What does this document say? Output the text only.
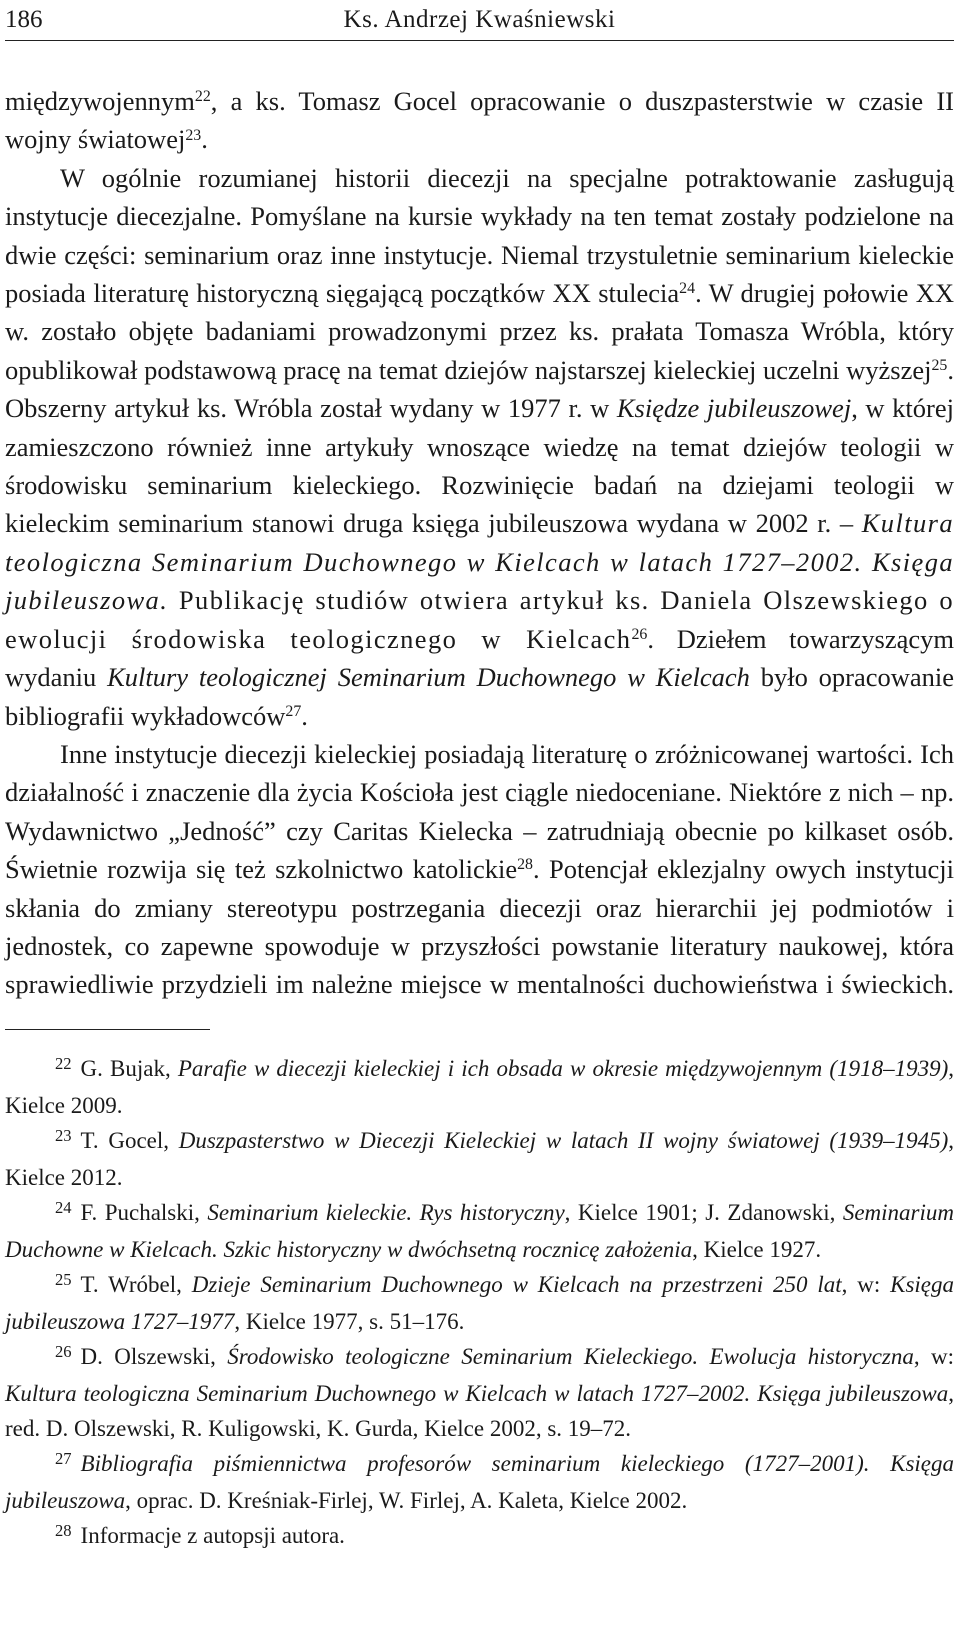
186	Ks. Andrzej Kwaśniewski

międzywojennym$^{22}$, a ks. Tomasz Gocel opracowanie o duszpasterstwie w czasie II wojny światowej$^{23}$.

W ogólnie rozumianej historii diecezji na specjalne potraktowanie zasługują instytucje diecezjalne. Pomyślane na kursie wykłady na ten temat zostały podzielone na dwie części: seminarium oraz inne instytucje. Niemal trzystuletnie seminarium kieleckie posiada literaturę historyczną sięgającą początków XX stulecia$^{24}$. W drugiej połowie XX w. zostało objęte badaniami prowadzonymi przez ks. prałata Tomasza Wróbla, który opublikował podstawową pracę na temat dziejów najstarszej kieleckiej uczelni wyższej$^{25}$. Obszerny artykuł ks. Wróbla został wydany w 1977 r. w Księdze jubileuszowej, w której zamieszczono również inne artykuły wnoszące wiedzę na temat dziejów teologii w środowisku seminarium kieleckiego. Rozwinięcie badań na dziejami teologii w kieleckim seminarium stanowi druga księga jubileuszowa wydana w 2002 r. – Kultura teologiczna Seminarium Duchownego w Kielcach w latach 1727–2002. Księga jubileuszowa. Publikację studiów otwiera artykuł ks. Daniela Olszewskiego o ewolucji środowiska teologicznego w Kielcach$^{26}$. Dziełem towarzyszącym wydaniu Kultury teologicznej Seminarium Duchownego w Kielcach było opracowanie bibliografii wykładowców$^{27}$.

Inne instytucje diecezji kieleckiej posiadają literaturę o zróżnicowanej wartości. Ich działalność i znaczenie dla życia Kościoła jest ciągle niedoceniane. Niektóre z nich – np. Wydawnictwo „Jedność” czy Caritas Kielecka – zatrudniają obecnie po kilkaset osób. Świetnie rozwija się też szkolnictwo katolickie$^{28}$. Potencjał eklezjalny owych instytucji skłania do zmiany stereotypu postrzegania diecezji oraz hierarchii jej podmiotów i jednostek, co zapewne spowoduje w przyszłości powstanie literatury naukowej, która sprawiedliwie przydzieli im należne miejsce w mentalności duchowieństwa i świeckich.

$^{22}$ G. Bujak, Parafie w diecezji kieleckiej i ich obsada w okresie międzywojennym (1918–1939), Kielce 2009.

$^{23}$ T. Gocel, Duszpasterstwo w Diecezji Kieleckiej w latach II wojny światowej (1939–1945), Kielce 2012.

$^{24}$ F. Puchalski, Seminarium kieleckie. Rys historyczny, Kielce 1901; J. Zdanowski, Seminarium Duchowne w Kielcach. Szkic historyczny w dwóchsetną rocznicę założenia, Kielce 1927.

$^{25}$ T. Wróbel, Dzieje Seminarium Duchownego w Kielcach na przestrzeni 250 lat, w: Księga jubileuszowa 1727–1977, Kielce 1977, s. 51–176.

$^{26}$ D. Olszewski, Środowisko teologiczne Seminarium Kieleckiego. Ewolucja historyczna, w: Kultura teologiczna Seminarium Duchownego w Kielcach w latach 1727–2002. Księga jubileuszowa, red. D. Olszewski, R. Kuligowski, K. Gurda, Kielce 2002, s. 19–72.

$^{27}$ Bibliografia piśmiennictwa profesorów seminarium kieleckiego (1727–2001). Księga jubileuszowa, oprac. D. Kreśniak-Firlej, W. Firlej, A. Kaleta, Kielce 2002.

$^{28}$ Informacje z autopsji autora.
